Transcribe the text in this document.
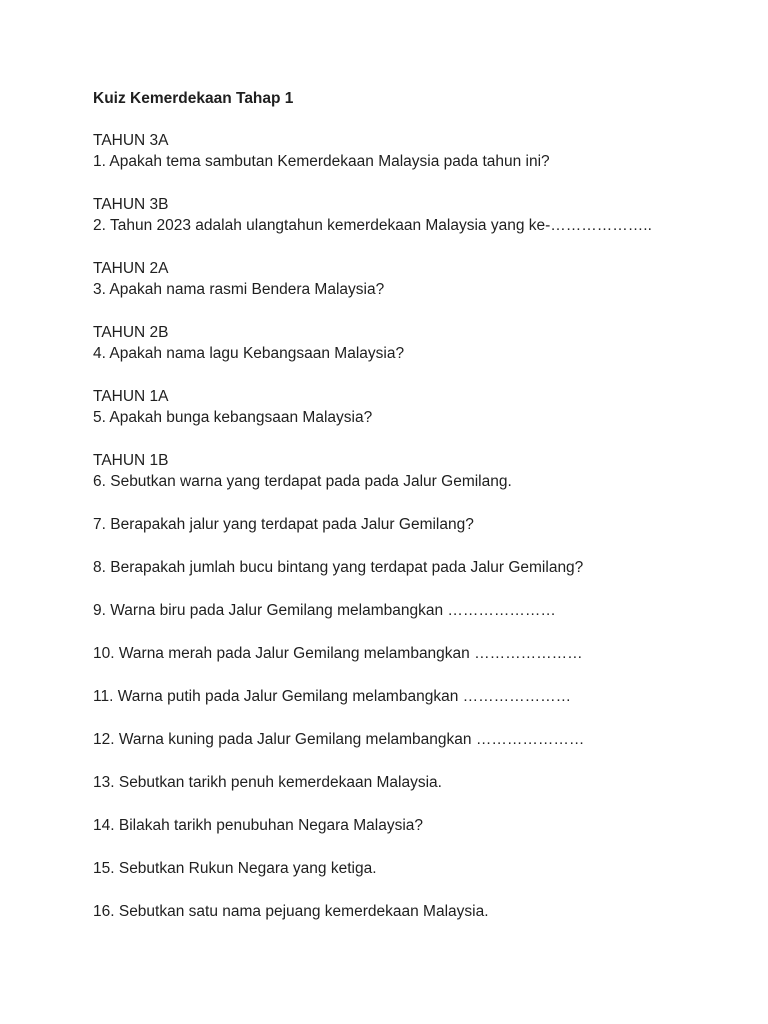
Kuiz Kemerdekaan Tahap 1
TAHUN 3A
1. Apakah tema sambutan Kemerdekaan Malaysia pada tahun ini?
TAHUN 3B
2. Tahun 2023 adalah ulangtahun kemerdekaan Malaysia yang ke-………………..
TAHUN 2A
3. Apakah nama rasmi Bendera Malaysia?
TAHUN 2B
4. Apakah nama lagu Kebangsaan Malaysia?
TAHUN 1A
5. Apakah bunga kebangsaan Malaysia?
TAHUN 1B
6. Sebutkan warna yang terdapat pada pada Jalur Gemilang.
7. Berapakah jalur yang terdapat pada Jalur Gemilang?
8. Berapakah jumlah bucu bintang yang terdapat pada Jalur Gemilang?
9. Warna biru pada Jalur Gemilang melambangkan …………………
10. Warna merah pada Jalur Gemilang melambangkan …………………
11. Warna putih pada Jalur Gemilang melambangkan …………………
12. Warna kuning pada Jalur Gemilang melambangkan …………………
13. Sebutkan tarikh penuh kemerdekaan Malaysia.
14. Bilakah tarikh penubuhan Negara Malaysia?
15. Sebutkan Rukun Negara yang ketiga.
16. Sebutkan satu nama pejuang kemerdekaan Malaysia.
